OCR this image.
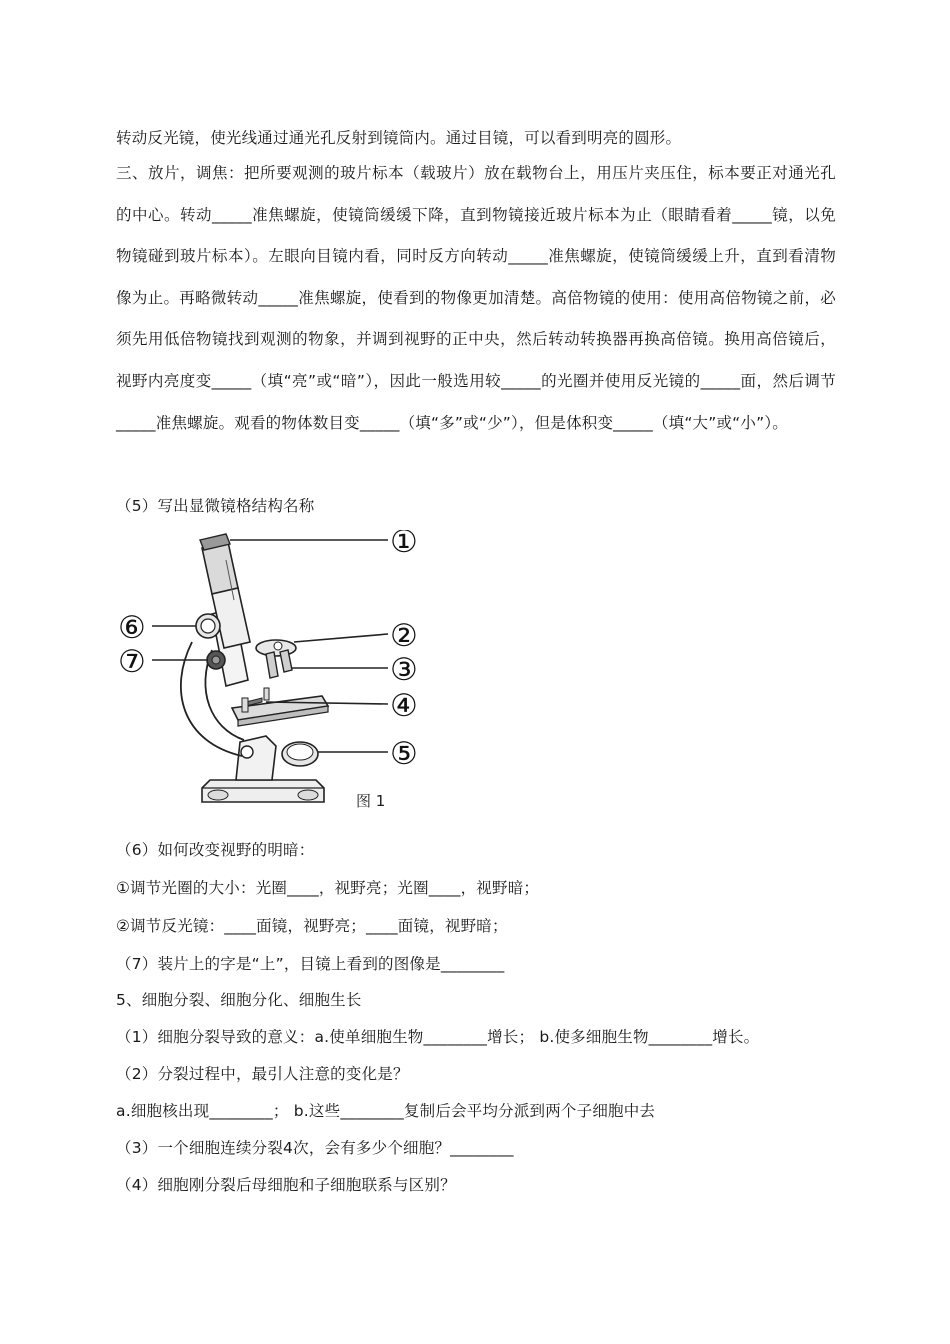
转动反光镜，使光线通过通光孔反射到镜筒内。通过目镜，可以看到明亮的圆形。
三、放片，调焦：把所要观测的玻片标本（载玻片）放在载物台上，用压片夹压住，标本要正对通光孔的中心。转动_____准焦螺旋，使镜筒缓缓下降，直到物镜接近玻片标本为止（眼睛看着_____镜，以免物镜碰到玻片标本）。左眼向目镜内看，同时反方向转动_____准焦螺旋，使镜筒缓缓上升，直到看清物像为止。再略微转动_____准焦螺旋，使看到的物像更加清楚。高倍物镜的使用：使用高倍物镜之前，必须先用低倍物镜找到观测的物象，并调到视野的正中央，然后转动转换器再换高倍镜。换用高倍镜后，视野内亮度变_____（填“亮”或“暗”），因此一般选用较_____的光圈并使用反光镜的_____面，然后调节_____准焦螺旋。观看的物体数目变_____（填“多”或“少”），但是体积变_____（填“大”或“小”）。
（5）写出显微镜格结构名称
①
②
③
④
⑤
⑥
⑦
图 1
（6）如何改变视野的明暗：
①调节光圈的大小：光圈____，视野亮；光圈____，视野暗；
②调节反光镜：____面镜，视野亮；____面镜，视野暗；
（7）装片上的字是“上”，目镜上看到的图像是________
5、细胞分裂、细胞分化、细胞生长
（1）细胞分裂导致的意义：a.使单细胞生物________增长； b.使多细胞生物________增长。
（2）分裂过程中，最引人注意的变化是？
a.细胞核出现________； b.这些________复制后会平均分派到两个子细胞中去
（3）一个细胞连续分裂4次，会有多少个细胞？________
（4）细胞刚分裂后母细胞和子细胞联系与区别？
